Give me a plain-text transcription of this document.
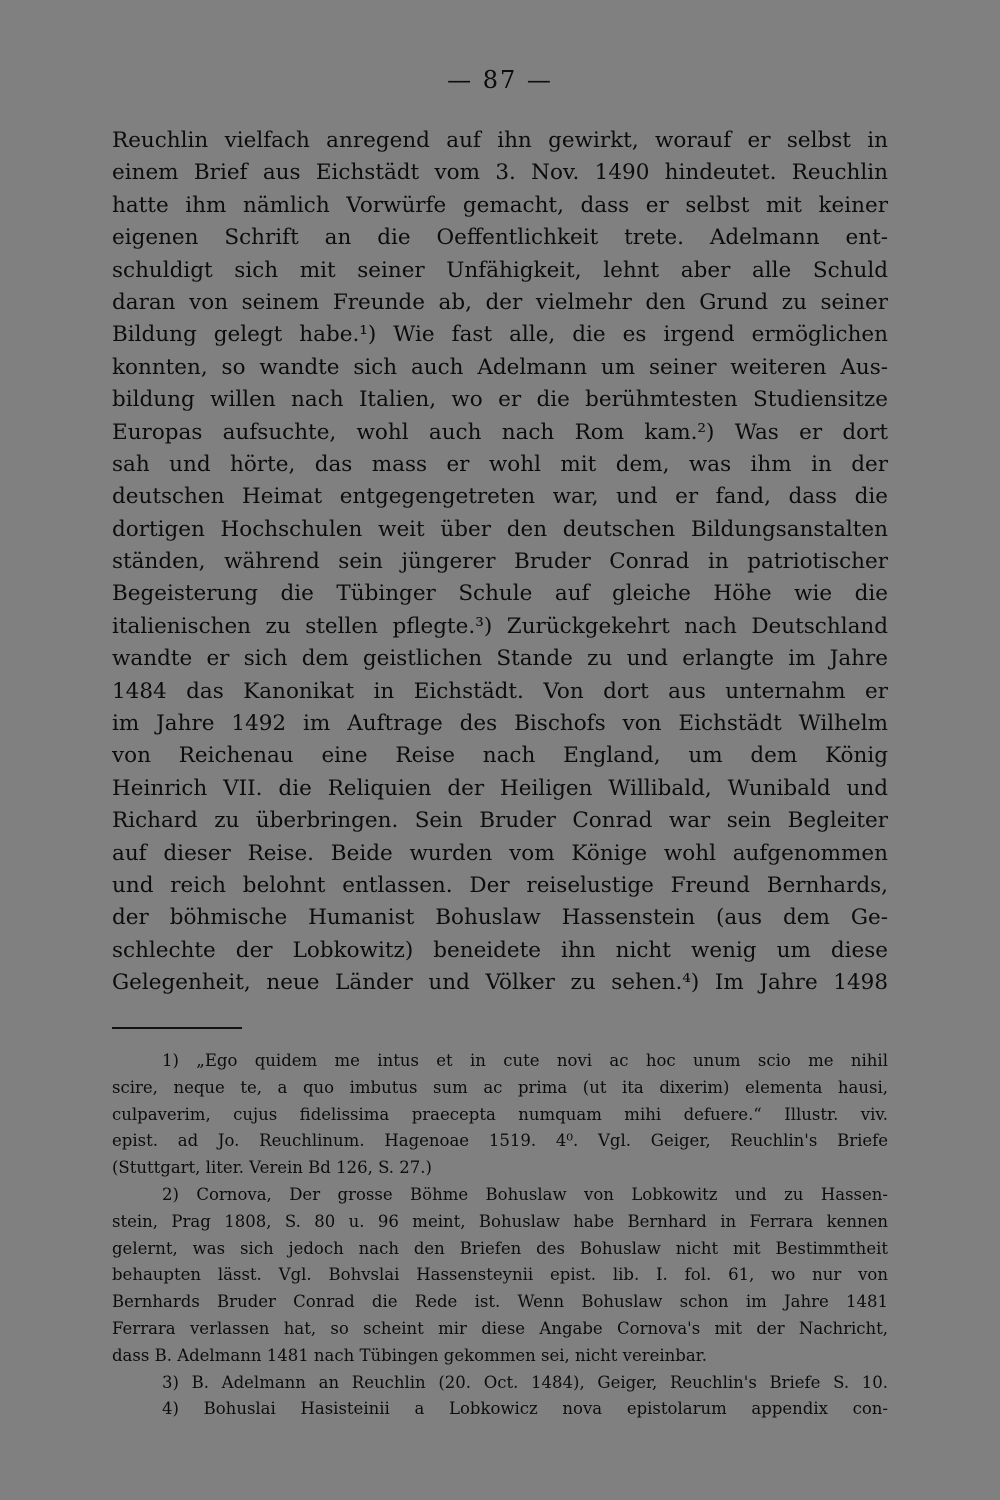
— 87 —
Reuchlin vielfach anregend auf ihn gewirkt, worauf er selbst in
einem Brief aus Eichstädt vom 3. Nov. 1490 hindeutet. Reuchlin
hatte ihm nämlich Vorwürfe gemacht, dass er selbst mit keiner
eigenen Schrift an die Oeffentlichkeit trete. Adelmann ent-
schuldigt sich mit seiner Unfähigkeit, lehnt aber alle Schuld
daran von seinem Freunde ab, der vielmehr den Grund zu seiner
Bildung gelegt habe.¹) Wie fast alle, die es irgend ermöglichen
konnten, so wandte sich auch Adelmann um seiner weiteren Aus-
bildung willen nach Italien, wo er die berühmtesten Studiensitze
Europas aufsuchte, wohl auch nach Rom kam.²) Was er dort
sah und hörte, das mass er wohl mit dem, was ihm in der
deutschen Heimat entgegengetreten war, und er fand, dass die
dortigen Hochschulen weit über den deutschen Bildungsanstalten
ständen, während sein jüngerer Bruder Conrad in patriotischer
Begeisterung die Tübinger Schule auf gleiche Höhe wie die
italienischen zu stellen pflegte.³) Zurückgekehrt nach Deutschland
wandte er sich dem geistlichen Stande zu und erlangte im Jahre
1484 das Kanonikat in Eichstädt. Von dort aus unternahm er
im Jahre 1492 im Auftrage des Bischofs von Eichstädt Wilhelm
von Reichenau eine Reise nach England, um dem König
Heinrich VII. die Reliquien der Heiligen Willibald, Wunibald und
Richard zu überbringen. Sein Bruder Conrad war sein Begleiter
auf dieser Reise. Beide wurden vom Könige wohl aufgenommen
und reich belohnt entlassen. Der reiselustige Freund Bernhards,
der böhmische Humanist Bohuslaw Hassenstein (aus dem Ge-
schlechte der Lobkowitz) beneidete ihn nicht wenig um diese
Gelegenheit, neue Länder und Völker zu sehen.⁴) Im Jahre 1498
1) „Ego quidem me intus et in cute novi ac hoc unum scio me nihil
scire, neque te, a quo imbutus sum ac prima (ut ita dixerim) elementa hausi,
culpaverim, cujus fidelissima praecepta numquam mihi defuere.“ Illustr. viv.
epist. ad Jo. Reuchlinum. Hagenoae 1519. 4⁰. Vgl. Geiger, Reuchlin's Briefe
(Stuttgart, liter. Verein Bd 126, S. 27.)
2) Cornova, Der grosse Böhme Bohuslaw von Lobkowitz und zu Hassen-
stein, Prag 1808, S. 80 u. 96 meint, Bohuslaw habe Bernhard in Ferrara kennen
gelernt, was sich jedoch nach den Briefen des Bohuslaw nicht mit Bestimmtheit
behaupten lässt. Vgl. Bohvslai Hassensteynii epist. lib. I. fol. 61, wo nur von
Bernhards Bruder Conrad die Rede ist. Wenn Bohuslaw schon im Jahre 1481
Ferrara verlassen hat, so scheint mir diese Angabe Cornova's mit der Nachricht,
dass B. Adelmann 1481 nach Tübingen gekommen sei, nicht vereinbar.
3) B. Adelmann an Reuchlin (20. Oct. 1484), Geiger, Reuchlin's Briefe S. 10.
4) Bohuslai Hasisteinii a Lobkowicz nova epistolarum appendix con-
